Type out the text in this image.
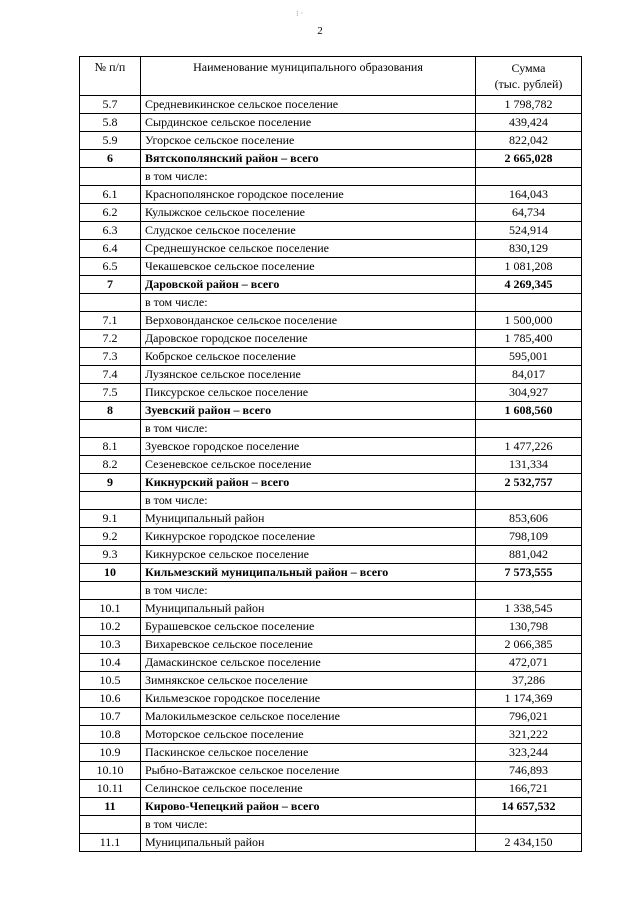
2
⁝ ·
№ п/п	Наименование муниципального образования	Сумма
(тыс. рублей)

5.7	Средневикинское сельское поселение	1 798,782
5.8	Сырдинское сельское поселение	439,424
5.9	Угорское сельское поселение	822,042
6	Вятскополянский район – всего	2 665,028
	в том числе:	
6.1	Краснополянское городское поселение	164,043
6.2	Кулыжское сельское поселение	64,734
6.3	Слудское сельское поселение	524,914
6.4	Среднешунское сельское поселение	830,129
6.5	Чекашевское сельское поселение	1 081,208
7	Даровской район – всего	4 269,345
	в том числе:	
7.1	Верховонданское сельское поселение	1 500,000
7.2	Даровское городское поселение	1 785,400
7.3	Кобрское сельское поселение	595,001
7.4	Лузянское сельское поселение	84,017
7.5	Пиксурское сельское поселение	304,927
8	Зуевский район – всего	1 608,560
	в том числе:	
8.1	Зуевское городское поселение	1 477,226
8.2	Сезеневское сельское поселение	131,334
9	Кикнурский район – всего	2 532,757
	в том числе:	
9.1	Муниципальный район	853,606
9.2	Кикнурское городское поселение	798,109
9.3	Кикнурское сельское поселение	881,042
10	Кильмезский муниципальный район – всего	7 573,555
	в том числе:	
10.1	Муниципальный район	1 338,545
10.2	Бурашевское сельское поселение	130,798
10.3	Вихаревское сельское поселение	2 066,385
10.4	Дамаскинское сельское поселение	472,071
10.5	Зимнякское сельское поселение	37,286
10.6	Кильмезское городское поселение	1 174,369
10.7	Малокильмезское сельское поселение	796,021
10.8	Моторское сельское поселение	321,222
10.9	Паскинское сельское поселение	323,244
10.10	Рыбно-Ватажское сельское поселение	746,893
10.11	Селинское сельское поселение	166,721
11	Кирово-Чепецкий район – всего	14 657,532
	в том числе:	
11.1	Муниципальный район	2 434,150
